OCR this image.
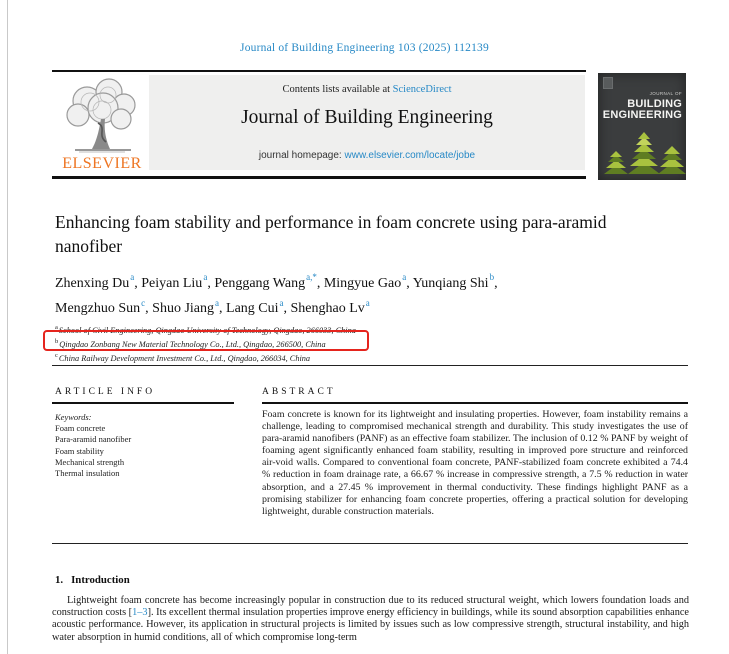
Journal of Building Engineering 103 (2025) 112139
ELSEVIER
Contents lists available at ScienceDirect
Journal of Building Engineering
journal homepage: www.elsevier.com/locate/jobe
JOURNAL OF BUILDING
ENGINEERING
Enhancing foam stability and performance in foam concrete using para-aramid nanofiber
Zhenxing Du$^a$, Peiyan Liu$^a$, Penggang Wang$^{a,*}$, Mingyue Gao$^a$, Yunqiang Shi$^b$,
Mengzhuo Sun$^c$, Shuo Jiang$^a$, Lang Cui$^a$, Shenghao Lv$^a$
$^a$School of Civil Engineering, Qingdao University of Technology, Qingdao, 266033, China
$^b$Qingdao Zonbang New Material Technology Co., Ltd., Qingdao, 266500, China
$^c$China Railway Development Investment Co., Ltd., Qingdao, 266034, China
ARTICLE INFO	ABSTRACT
Keywords:
Foam concrete
Para-aramid nanofiber
Foam stability
Mechanical strength
Thermal insulation
Foam concrete is known for its lightweight and insulating properties. However, foam instability remains a challenge, leading to compromised mechanical strength and durability. This study investigates the use of para-aramid nanofibers (PANF) as an effective foam stabilizer. The inclusion of 0.12 % PANF by weight of foaming agent significantly enhanced foam stability, resulting in improved pore structure and reinforced air-void walls. Compared to conventional foam concrete, PANF-stabilized foam concrete exhibited a 74.4 % reduction in foam drainage rate, a 66.67 % increase in compressive strength, a 7.5 % reduction in water absorption, and a 27.45 % improvement in thermal conductivity. These findings highlight PANF as a promising stabilizer for enhancing foam concrete properties, offering a practical solution for developing lightweight, durable construction materials.
1. Introduction
Lightweight foam concrete has become increasingly popular in construction due to its reduced structural weight, which lowers foundation loads and construction costs [1–3]. Its excellent thermal insulation properties improve energy efficiency in buildings, while its sound absorption capabilities enhance acoustic performance. However, its application in structural projects is limited by issues such as low compressive strength, structural instability, and high water absorption in humid conditions, all of which compromise long-term
